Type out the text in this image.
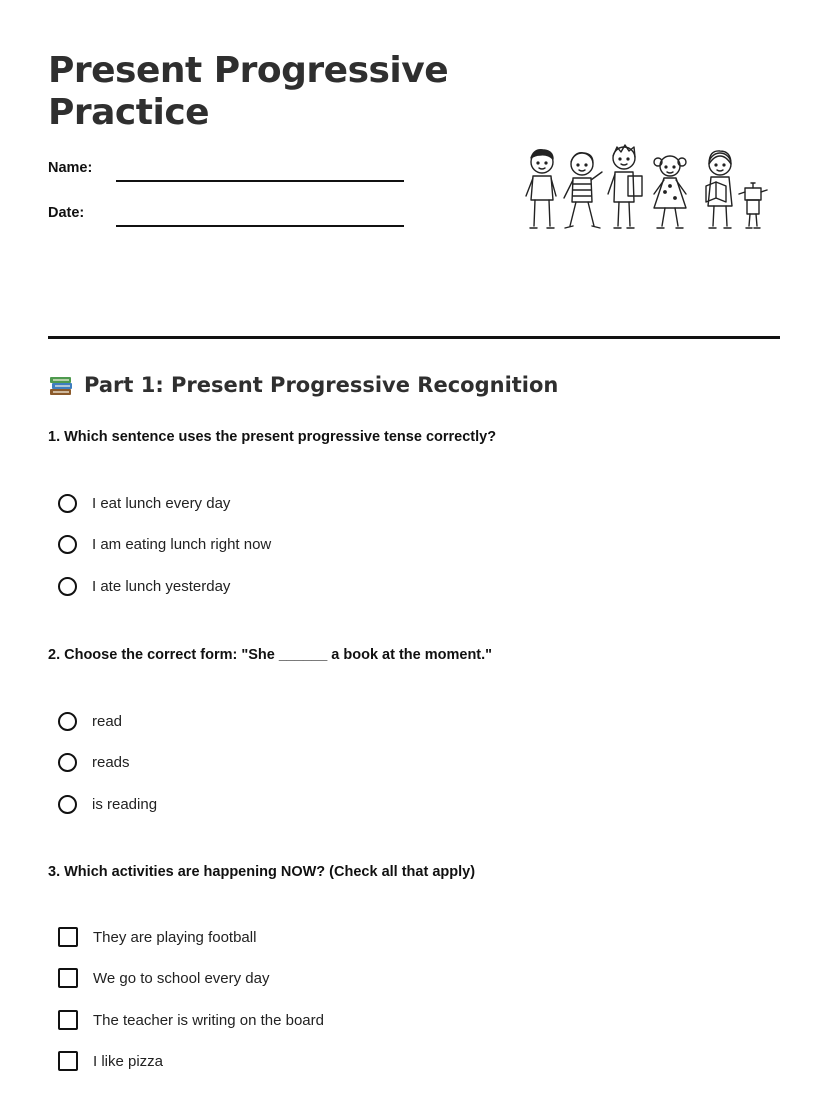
Present Progressive
Practice
Name:
Date:
Part 1: Present Progressive Recognition
1. Which sentence uses the present progressive tense correctly?
I eat lunch every day
I am eating lunch right now
I ate lunch yesterday
2. Choose the correct form: "She ______ a book at the moment."
read
reads
is reading
3. Which activities are happening NOW? (Check all that apply)
They are playing football
We go to school every day
The teacher is writing on the board
I like pizza
